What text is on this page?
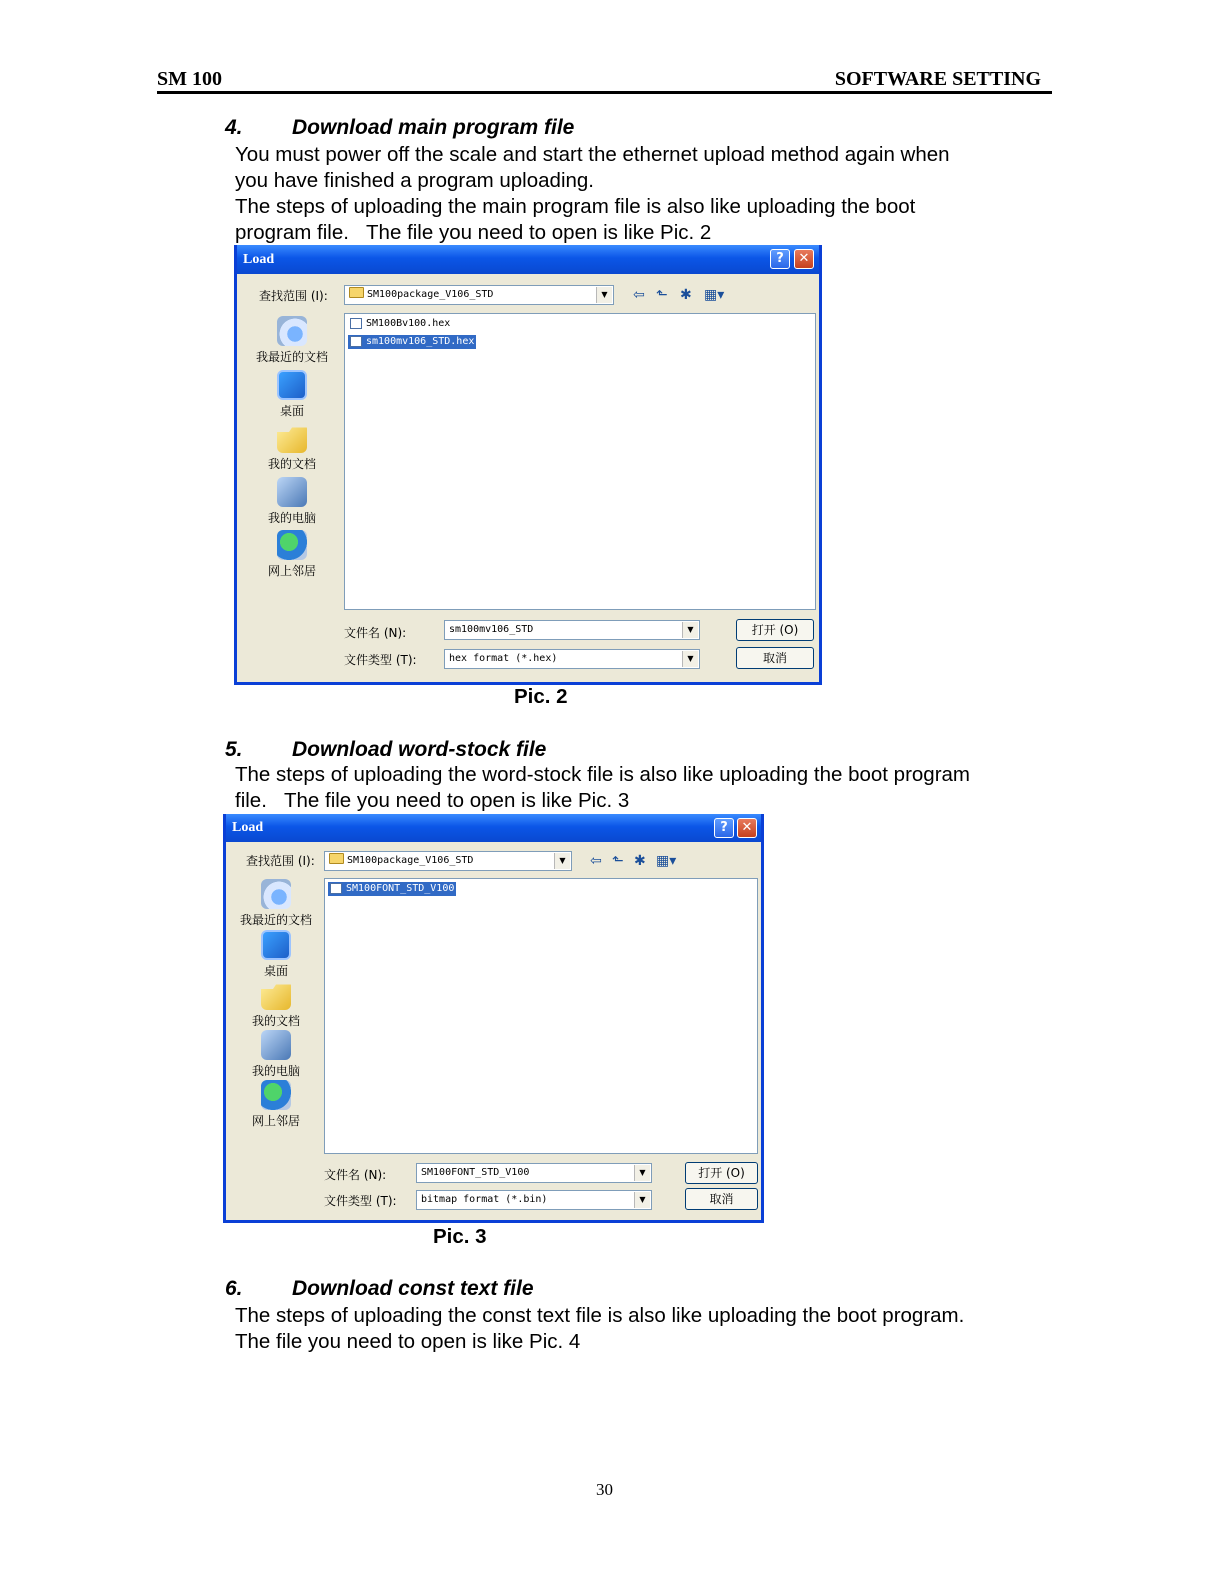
SM 100	SOFTWARE SETTING
4. Download main program file
You must power off the scale and start the ethernet upload method again when
you have finished a program uploading.
The steps of uploading the main program file is also like uploading the boot
program file.   The file you need to open is like Pic. 2
Load	?	✕
查找范围 (I):	SM100package_V106_STD	▼	⇦ ⬑ ✱ ▦▾
我最近的文档
桌面
我的文档
我的电脑
网上邻居
SM100Bv100.hex
sm100mv106_STD.hex
文件名 (N):	sm100mv106_STD	▼
文件类型 (T):	hex format (*.hex)	▼
打开 (O)
取消
Pic. 2
5. Download word-stock file
The steps of uploading the word-stock file is also like uploading the boot program
file.   The file you need to open is like Pic. 3
Load	?	✕
查找范围 (I):	SM100package_V106_STD	▼	⇦ ⬑ ✱ ▦▾
我最近的文档
桌面
我的文档
我的电脑
网上邻居
SM100FONT_STD_V100
文件名 (N):	SM100FONT_STD_V100	▼
文件类型 (T):	bitmap format (*.bin)	▼
打开 (O)
取消
Pic. 3
6. Download const text file
The steps of uploading the const text file is also like uploading the boot program.
The file you need to open is like Pic. 4
30
